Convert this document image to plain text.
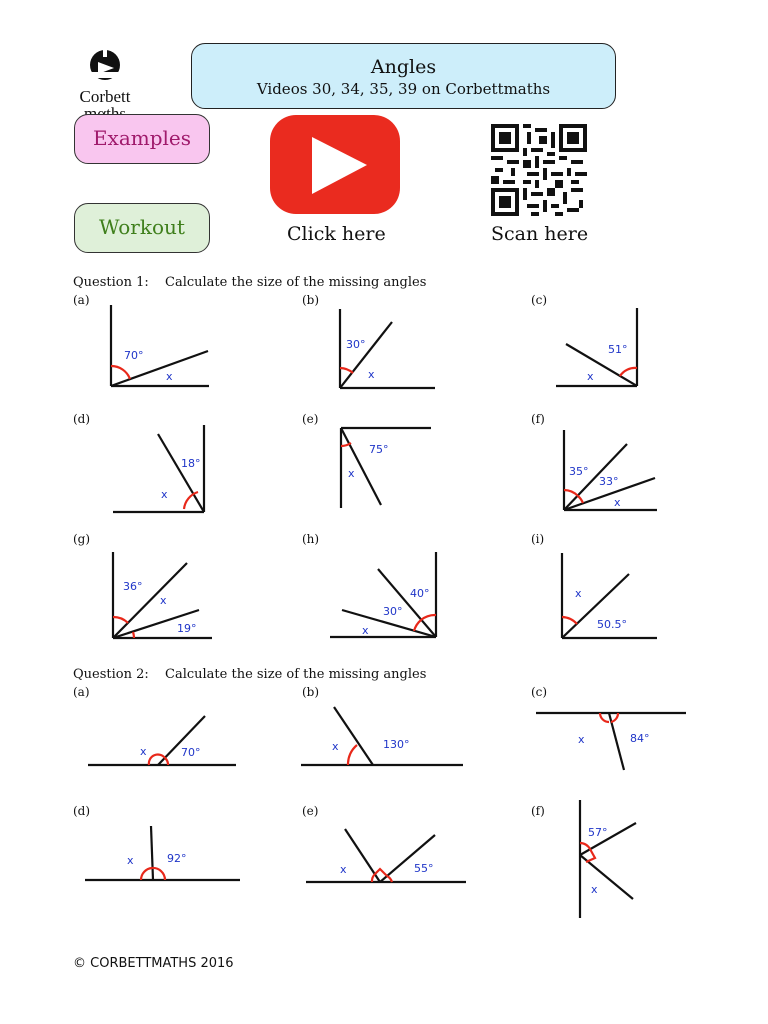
Corbett
Angles
Videos 30, 34, 35, 39 on Corbettmaths
Examples
Workout	Click here	Scan here
Question 1: Calculate the size of the missing angles
(a)	(b)	(c)
(d)	(e)	(f)
(g)	(h)	(i)
Question 2: Calculate the size of the missing angles
(a)	(b)	(c)
(d)	(e)	(f)
70°
x
30°
x
51°
x
18°
x
75°
x	35°
33°
x
36°
x
19°
40°
30°
x
x
50.5°
x	70°	x	130°	x	84°
x	92°
x	55°
57°
x
© CORBETTMATHS 2016
